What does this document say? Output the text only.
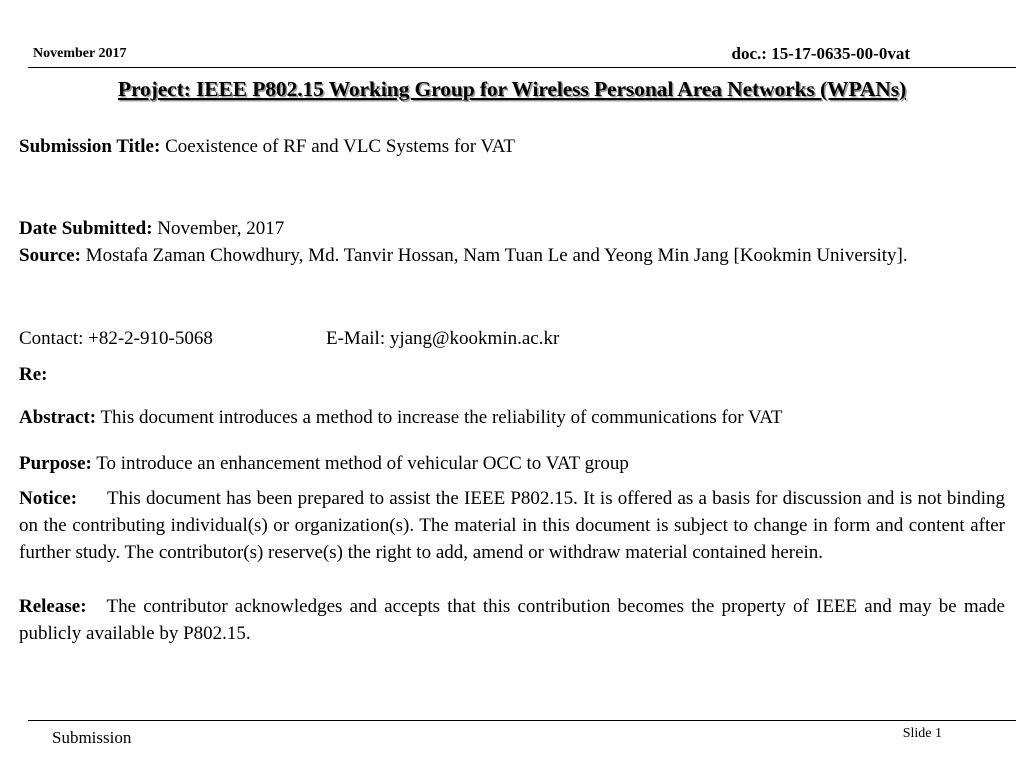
November 2017	doc.: 15-17-0635-00-0vat
Project: IEEE P802.15 Working Group for Wireless Personal Area Networks (WPANs)
Submission Title: Coexistence of RF and VLC Systems for VAT
Date Submitted: November, 2017
Source: Mostafa Zaman Chowdhury, Md. Tanvir Hossan, Nam Tuan Le and Yeong Min Jang [Kookmin University].
Contact: +82-2-910-5068	E-Mail: yjang@kookmin.ac.kr
Re:
Abstract: This document introduces a method to increase the reliability of communications for VAT
Purpose: To introduce an enhancement method of vehicular OCC to VAT group
Notice: This document has been prepared to assist the IEEE P802.15. It is offered as a basis for discussion and is not binding on the contributing individual(s) or organization(s). The material in this document is subject to change in form and content after further study. The contributor(s) reserve(s) the right to add, amend or withdraw material contained herein.
Release: The contributor acknowledges and accepts that this contribution becomes the property of IEEE and may be made publicly available by P802.15.
Submission	Slide 1
